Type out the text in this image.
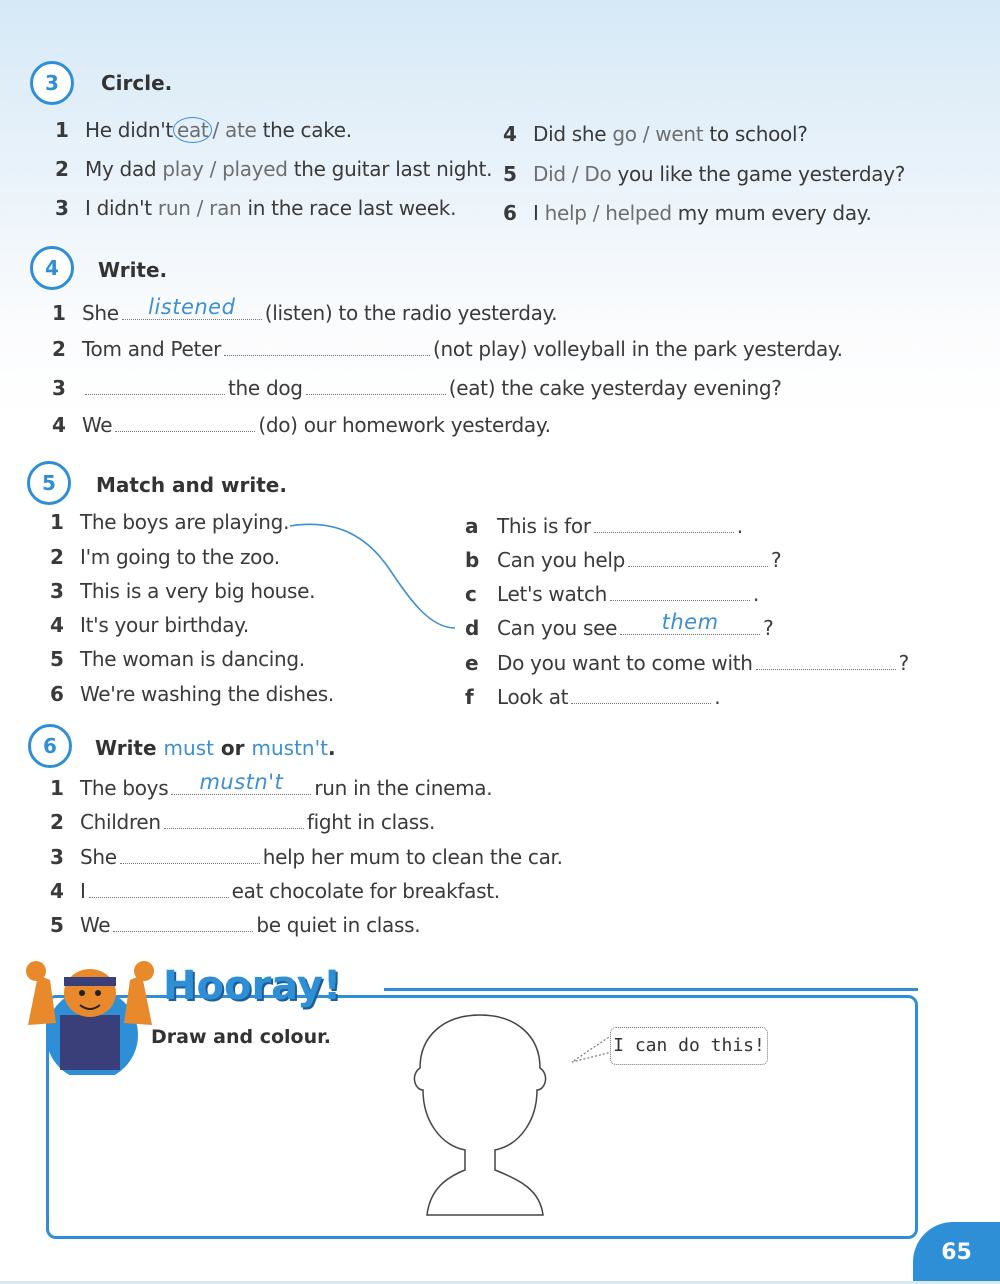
3	Circle.
1 He didn't eat / ate the cake.
2 My dad play / played the guitar last night.
3 I didn't run / ran in the race last week.
4 Did she go / went to school?
5 Did / Do you like the game yesterday?
6 I help / helped my mum every day.
4	Write.
1 She	listened	(listen) to the radio yesterday.
2 Tom and Peter	(not play) volleyball in the park yesterday.
3	the dog	(eat) the cake yesterday evening?
4 We	(do) our homework yesterday.
5	Match and write.
1 The boys are playing.
2 I'm going to the zoo.
3 This is a very big house.
4 It's your birthday.
5 The woman is dancing.
6 We're washing the dishes.
a This is for	.
b Can you help	?
c Let's watch	.
d Can you see	them	?
e Do you want to come with	?
f Look at	.
6	Write must or mustn't.
1 The boys	mustn't	run in the cinema.
2 Children	fight in class.
3 She	help her mum to clean the car.
4 I	eat chocolate for breakfast.
5 We	be quiet in class.
Hooray!
Draw and colour.	I can do this!
65
